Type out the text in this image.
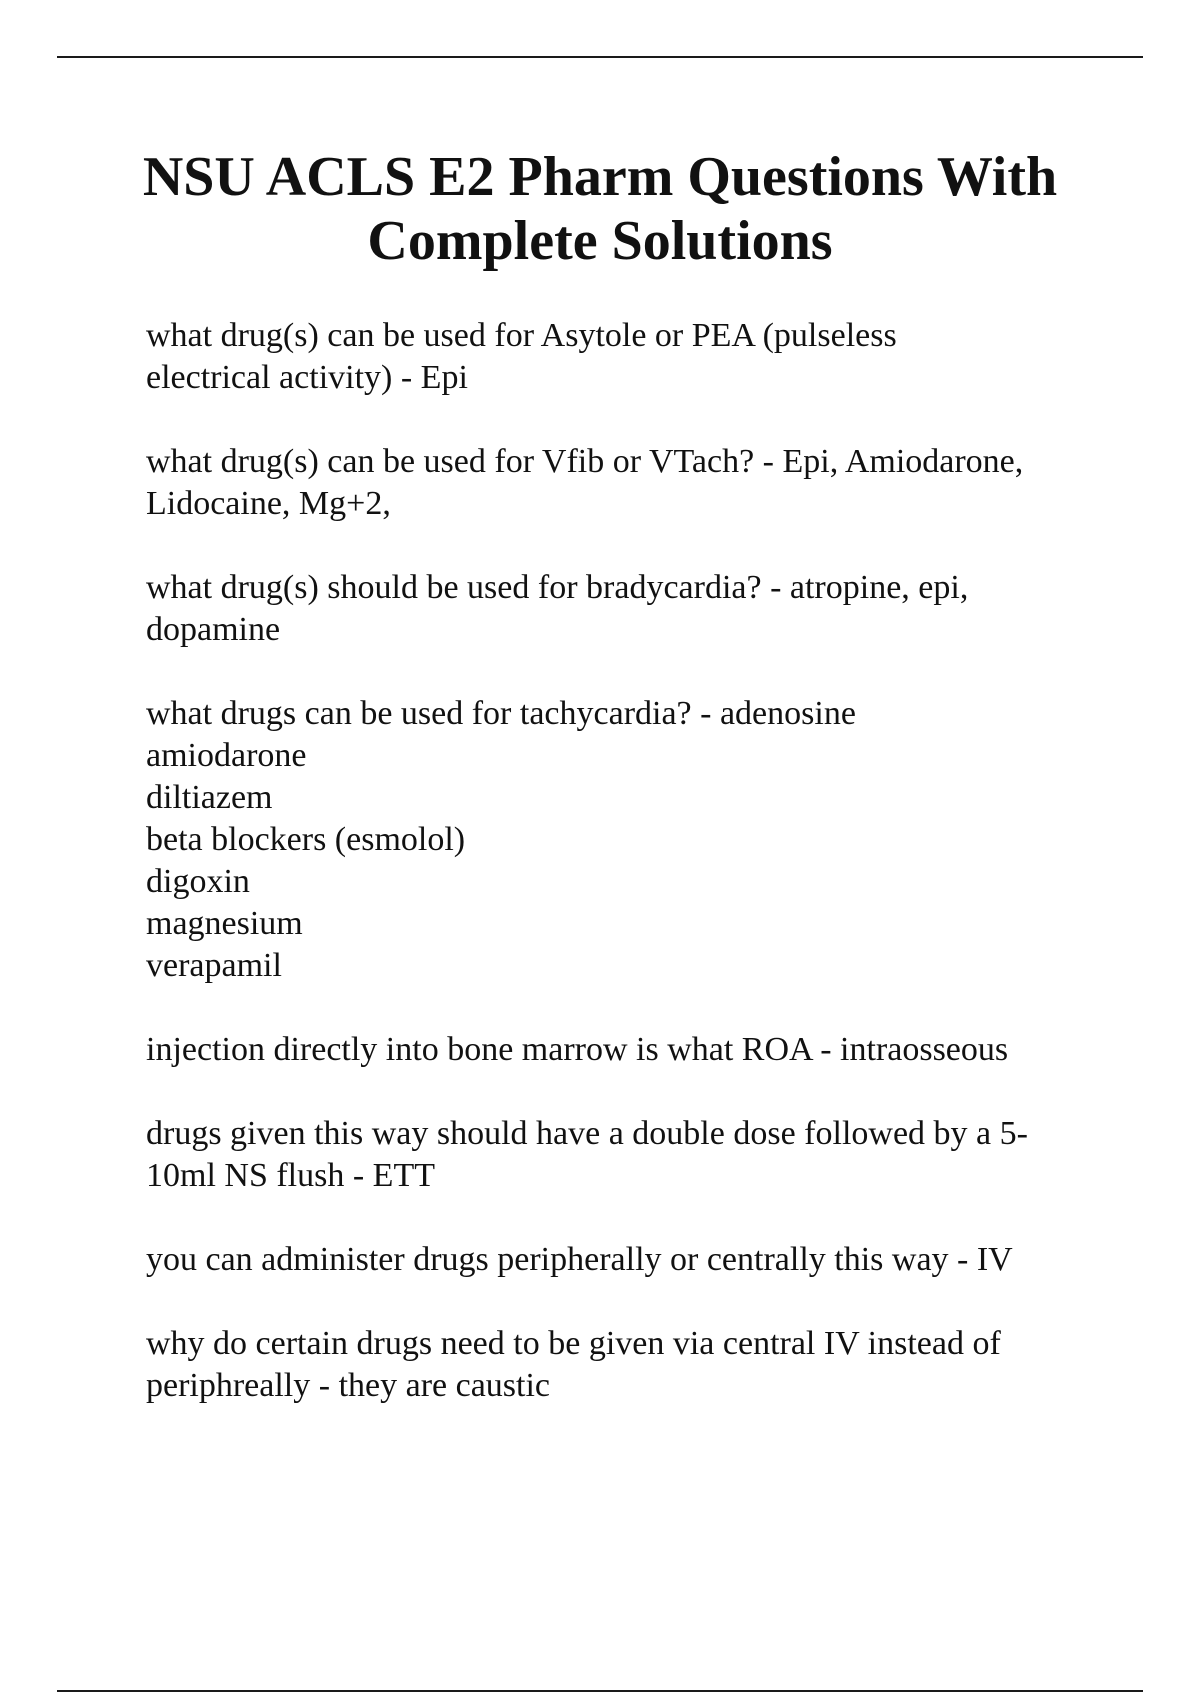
NSU ACLS E2 Pharm Questions With
Complete Solutions

what drug(s) can be used for Asytole or PEA (pulseless
electrical activity) - Epi

what drug(s) can be used for Vfib or VTach? - Epi, Amiodarone,
Lidocaine, Mg+2,

what drug(s) should be used for bradycardia? - atropine, epi,
dopamine

what drugs can be used for tachycardia? - adenosine
amiodarone
diltiazem
beta blockers (esmolol)
digoxin
magnesium
verapamil

injection directly into bone marrow is what ROA - intraosseous

drugs given this way should have a double dose followed by a 5-
10ml NS flush - ETT

you can administer drugs peripherally or centrally this way - IV

why do certain drugs need to be given via central IV instead of
periphreally - they are caustic
